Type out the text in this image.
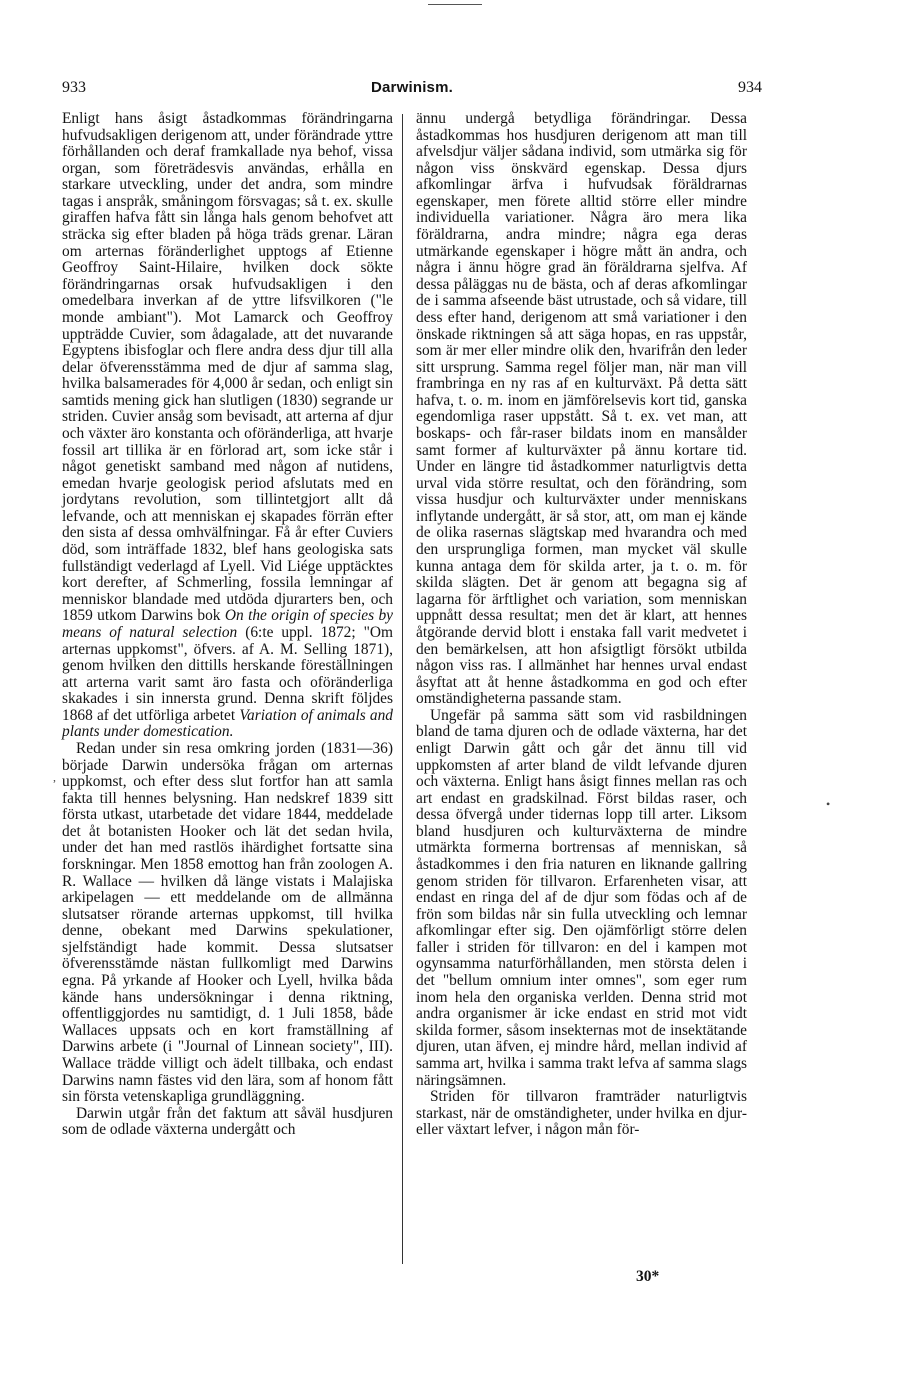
933	Darwinism.	934

Enligt hans åsigt åstadkommas förändringarna hufvudsakligen derigenom att, under förändrade yttre förhållanden och deraf framkallade nya behof, vissa organ, som företrädesvis användas, erhålla en starkare utveckling, under det andra, som mindre tagas i anspråk, småningom försvagas; så t. ex. skulle giraffen hafva fått sin långa hals genom behofvet att sträcka sig efter bladen på höga träds grenar. Läran om arternas föränderlighet upptogs af Etienne Geoffroy Saint-Hilaire, hvilken dock sökte förändringarnas orsak hufvudsakligen i den omedelbara inverkan af de yttre lifsvilkoren ("le monde ambiant"). Mot Lamarck och Geoffroy uppträdde Cuvier, som ådagalade, att det nuvarande Egyptens ibisfoglar och flere andra dess djur till alla delar öfverensstämma med de djur af samma slag, hvilka balsamerades för 4,000 år sedan, och enligt sin samtids mening gick han slutligen (1830) segrande ur striden. Cuvier ansåg som bevisadt, att arterna af djur och växter äro konstanta och oföränderliga, att hvarje fossil art tillika är en förlorad art, som icke står i något genetiskt samband med någon af nutidens, emedan hvarje geologisk period afslutats med en jordytans revolution, som tillintetgjort allt då lefvande, och att menniskan ej skapades förrän efter den sista af dessa omhvälfningar. Få år efter Cuviers död, som inträffade 1832, blef hans geologiska sats fullständigt vederlagd af Lyell. Vid Liége upptäcktes kort derefter, af Schmerling, fossila lemningar af menniskor blandade med utdöda djurarters ben, och 1859 utkom Darwins bok On the origin of species by means of natural selection (6:te uppl. 1872; "Om arternas uppkomst", öfvers. af A. M. Selling 1871), genom hvilken den dittills herskande föreställningen att arterna varit samt äro fasta och oföränderliga skakades i sin innersta grund. Denna skrift följdes 1868 af det utförliga arbetet Variation of animals and plants under domestication.

Redan under sin resa omkring jorden (1831—36) började Darwin undersöka frågan om arternas uppkomst, och efter dess slut fortfor han att samla fakta till hennes belysning. Han nedskref 1839 sitt första utkast, utarbetade det vidare 1844, meddelade det åt botanisten Hooker och lät det sedan hvila, under det han med rastlös ihärdighet fortsatte sina forskningar. Men 1858 emottog han från zoologen A. R. Wallace — hvilken då länge vistats i Malajiska arkipelagen — ett meddelande om de allmänna slutsatser rörande arternas uppkomst, till hvilka denne, obekant med Darwins spekulationer, sjelfständigt hade kommit. Dessa slutsatser öfverensstämde nästan fullkomligt med Darwins egna. På yrkande af Hooker och Lyell, hvilka båda kände hans undersökningar i denna riktning, offentliggjordes nu samtidigt, d. 1 Juli 1858, både Wallaces uppsats och en kort framställning af Darwins arbete (i "Journal of Linnean society", III). Wallace trädde villigt och ädelt tillbaka, och endast Darwins namn fästes vid den lära, som af honom fått sin första vetenskapliga grundläggning.

Darwin utgår från det faktum att såväl husdjuren som de odlade växterna undergått och

ännu undergå betydliga förändringar. Dessa åstadkommas hos husdjuren derigenom att man till afvelsdjur väljer sådana individ, som utmärka sig för någon viss önskvärd egenskap. Dessa djurs afkomlingar ärfva i hufvudsak föräldrarnas egenskaper, men förete alltid större eller mindre individuella variationer. Några äro mera lika föräldrarna, andra mindre; några ega deras utmärkande egenskaper i högre mått än andra, och några i ännu högre grad än föräldrarna sjelfva. Af dessa påläggas nu de bästa, och af deras afkomlingar de i samma afseende bäst utrustade, och så vidare, till dess efter hand, derigenom att små variationer i den önskade riktningen så att säga hopas, en ras uppstår, som är mer eller mindre olik den, hvarifrån den leder sitt ursprung. Samma regel följer man, när man vill frambringa en ny ras af en kulturväxt. På detta sätt hafva, t. o. m. inom en jämförelsevis kort tid, ganska egendomliga raser uppstått. Så t. ex. vet man, att boskaps- och får-raser bildats inom en mansålder samt former af kulturväxter på ännu kortare tid. Under en längre tid åstadkommer naturligtvis detta urval vida större resultat, och den förändring, som vissa husdjur och kulturväxter under menniskans inflytande undergått, är så stor, att, om man ej kände de olika rasernas slägtskap med hvarandra och med den ursprungliga formen, man mycket väl skulle kunna antaga dem för skilda arter, ja t. o. m. för skilda slägten. Det är genom att begagna sig af lagarna för ärftlighet och variation, som menniskan uppnått dessa resultat; men det är klart, att hennes åtgörande dervid blott i enstaka fall varit medvetet i den bemärkelsen, att hon afsigtligt försökt utbilda någon viss ras. I allmänhet har hennes urval endast åsyftat att åt henne åstadkomma en god och efter omständigheterna passande stam.

Ungefär på samma sätt som vid rasbildningen bland de tama djuren och de odlade växterna, har det enligt Darwin gått och går det ännu till vid uppkomsten af arter bland de vildt lefvande djuren och växterna. Enligt hans åsigt finnes mellan ras och art endast en gradskilnad. Först bildas raser, och dessa öfvergå under tidernas lopp till arter. Liksom bland husdjuren och kulturväxterna de mindre utmärkta formerna bortrensas af menniskan, så åstadkommes i den fria naturen en liknande gallring genom striden för tillvaron. Erfarenheten visar, att endast en ringa del af de djur som födas och af de frön som bildas når sin fulla utveckling och lemnar afkomlingar efter sig. Den ojämförligt större delen faller i striden för tillvaron: en del i kampen mot ogynsamma naturförhållanden, men största delen i det "bellum omnium inter omnes", som eger rum inom hela den organiska verlden. Denna strid mot andra organismer är icke endast en strid mot vidt skilda former, såsom insekternas mot de insektätande djuren, utan äfven, ej mindre hård, mellan individ af samma art, hvilka i samma trakt lefva af samma slags näringsämnen.

Striden för tillvaron framträder naturligtvis starkast, när de omständigheter, under hvilka en djur- eller växtart lefver, i någon mån för-

,
•
30*
